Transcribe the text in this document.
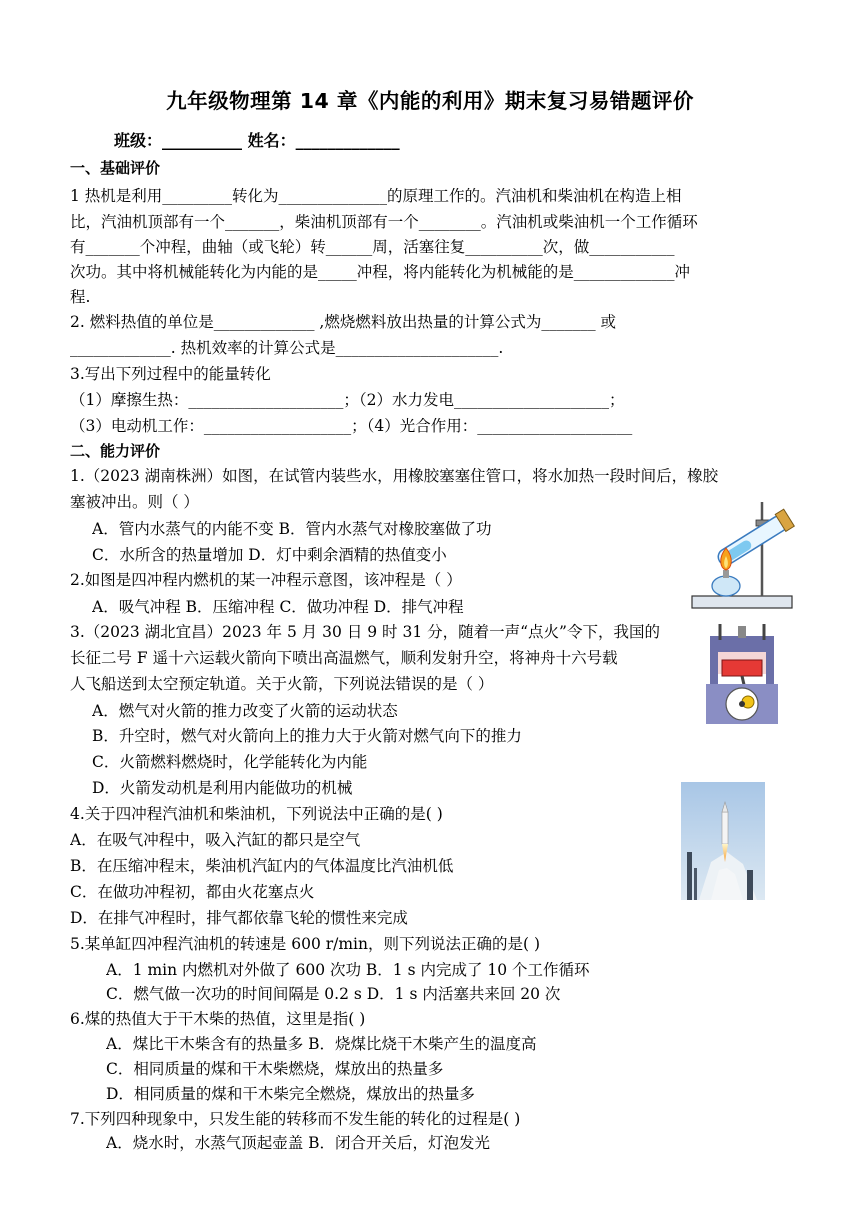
九年级物理第 14 章《内能的利用》期末复习易错题评价
班级：__________ 姓名：_____________
一、基础评价
1 热机是利用_________转化为______________的原理工作的。汽油机和柴油机在构造上相
比，汽油机顶部有一个_______，柴油机顶部有一个________。汽油机或柴油机一个工作循环
有_______个冲程，曲轴（或飞轮）转______周，活塞往复__________次，做___________
次功。其中将机械能转化为内能的是_____冲程，将内能转化为机械能的是_____________冲
程.
2. 燃料热值的单位是_____________ ,燃烧燃料放出热量的计算公式为_______ 或
_____________. 热机效率的计算公式是_____________________.
3.写出下列过程中的能量转化
（1）摩擦生热：____________________；（2）水力发电____________________；
（3）电动机工作：___________________；（4）光合作用：____________________
二、能力评价
1.（2023 湖南株洲）如图，在试管内装些水，用橡胶塞塞住管口，将水加热一段时间后，橡胶
塞被冲出。则（ ）
A．管内水蒸气的内能不变 B．管内水蒸气对橡胶塞做了功
C．水所含的热量增加 D．灯中剩余酒精的热值变小
2.如图是四冲程内燃机的某一冲程示意图，该冲程是（ ）
A．吸气冲程 B．压缩冲程 C．做功冲程 D．排气冲程
3.（2023 湖北宜昌）2023 年 5 月 30 日 9 时 31 分，随着一声“点火”令下，我国的
长征二号 F 遥十六运载火箭向下喷出高温燃气，顺利发射升空，将神舟十六号载
人飞船送到太空预定轨道。关于火箭，下列说法错误的是（ ）
A．燃气对火箭的推力改变了火箭的运动状态
B．升空时，燃气对火箭向上的推力大于火箭对燃气向下的推力
C．火箭燃料燃烧时，化学能转化为内能
D．火箭发动机是利用内能做功的机械
4.关于四冲程汽油机和柴油机，下列说法中正确的是( )
A．在吸气冲程中，吸入汽缸的都只是空气
B．在压缩冲程末，柴油机汽缸内的气体温度比汽油机低
C．在做功冲程初，都由火花塞点火
D．在排气冲程时，排气都依靠飞轮的惯性来完成
5.某单缸四冲程汽油机的转速是 600 r/min，则下列说法正确的是( )
A．1 min 内燃机对外做了 600 次功 B．1 s 内完成了 10 个工作循环
C．燃气做一次功的时间间隔是 0.2 s D．1 s 内活塞共来回 20 次
6.煤的热值大于干木柴的热值，这里是指( )
A．煤比干木柴含有的热量多 B．烧煤比烧干木柴产生的温度高
C．相同质量的煤和干木柴燃烧，煤放出的热量多
D．相同质量的煤和干木柴完全燃烧，煤放出的热量多
7.下列四种现象中，只发生能的转移而不发生能的转化的过程是( )
A．烧水时，水蒸气顶起壶盖 B．闭合开关后，灯泡发光
